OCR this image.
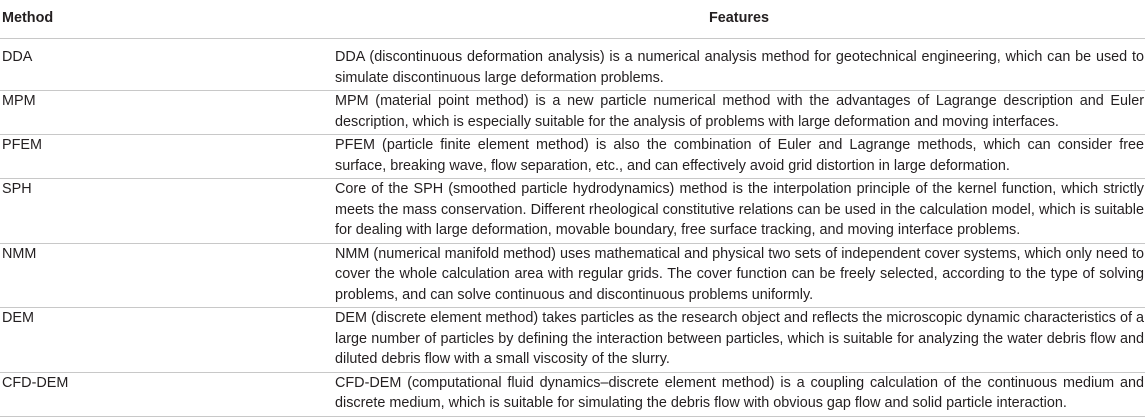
Method	Features
DDA	DDA (discontinuous deformation analysis) is a numerical analysis method for geotechnical engineering, which can be used to simulate discontinuous large deformation problems.
MPM	MPM (material point method) is a new particle numerical method with the advantages of Lagrange description and Euler description, which is especially suitable for the analysis of problems with large deformation and moving interfaces.
PFEM	PFEM (particle finite element method) is also the combination of Euler and Lagrange methods, which can consider free surface, breaking wave, flow separation, etc., and can effectively avoid grid distortion in large deformation.
SPH	Core of the SPH (smoothed particle hydrodynamics) method is the interpolation principle of the kernel function, which strictly meets the mass conservation. Different rheological constitutive relations can be used in the calculation model, which is suitable for dealing with large deformation, movable boundary, free surface tracking, and moving interface problems.
NMM	NMM (numerical manifold method) uses mathematical and physical two sets of independent cover systems, which only need to cover the whole calculation area with regular grids. The cover function can be freely selected, according to the type of solving problems, and can solve continuous and discontinuous problems uniformly.
DEM	DEM (discrete element method) takes particles as the research object and reflects the microscopic dynamic characteristics of a large number of particles by defining the interaction between particles, which is suitable for analyzing the water debris flow and diluted debris flow with a small viscosity of the slurry.
CFD-DEM	CFD-DEM (computational fluid dynamics–discrete element method) is a coupling calculation of the continuous medium and discrete medium, which is suitable for simulating the debris flow with obvious gap flow and solid particle interaction.
